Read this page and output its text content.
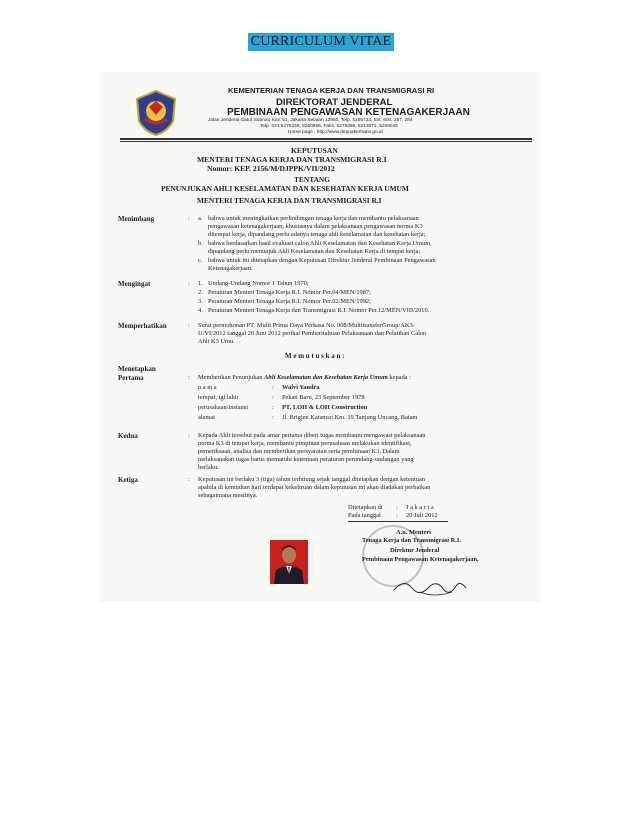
CURRICULUM VITAE
KEMENTERIAN TENAGA KERJA DAN TRANSMIGRASI RI
DIREKTORAT JENDERAL
PEMBINAAN PENGAWASAN KETENAGAKERJAAN
Jalan Jenderal Gatot Subroto Kav. 51, Jakarta Selatan 12950, Telp. 5255733, Ext. 604, 257, 284
Telp. 021 5275240, 5260955, Faks. 5279365, 5213571, 5268045
Home page : http://www.depnakertrans.go.id
KEPUTUSAN
MENTERI TENAGA KERJA DAN TRANSMIGRASI R.I
Nomor: KEP. 2156/M/DJPPK/VII/2012
TENTANG
PENUNJUKAN AHLI KESELAMATAN DAN KESEHATAN KERJA UMUM
MENTERI TENAGA KERJA DAN TRANSMIGRASI R.I
Menimbang	: a. bahwa untuk meningkatkan perlindungan tenaga kerja dan membantu pelaksanaan
pengawasan ketenagakerjaan, khususnya dalam pelaksanaan pengawasan norma K3
ditempat kerja, dipandang perlu adanya tenaga ahli keselamatan dan kesehatan kerja;
b. bahwa berdasarkan hasil evaluasi calon Ahli Keselamatan dan Kesehatan Kerja Umum,
dipandang perlu menunjuk Ahli Keselamatan dan Kesehatan Kerja di tempat kerja;
c. bahwa untuk itu ditetapkan dengan Keputusan Direktur Jenderal Pembinaan Pengawasan
Ketenagakerjaan.
Mengingat	: 1. Undang-Undang Nomor 1 Tahun 1970;
2. Peraturan Menteri Tenaga Kerja R.I. Nomor Per.04/MEN/1987;
3. Peraturan Menteri Tenaga Kerja R.I. Nomor Per.02/MEN/1992;
4. Peraturan Menteri Tenaga Kerja dan Transmigrasi R.I. Nomor Per.12/MEN/VIII/2010.
Memperhatikan	: Surat permohonan PT. Multi Prima Daya Perkasa No. 008/MultitransferGroup/AK3-
U/VI/2012 tanggal 20 Juni 2012 perihal Pemberitahuan Pelaksanaan dan Pelatihan Calon
Ahli K3 Umu.
M e m u t u s k a n :
Menetapkan
Pertama	: Memberikan Penunjukan Ahli Keselamatan dan Kesehatan Kerja Umum kepada :
n a m a	: Walvi Yandra
tempat, tgl lahir	: Pekan Baru, 23 September 1978
perusahaan/instansi	: PT. LOH & LOH Construction
alamat	: Jl. Brigjen Katamso Km. 19 Tanjung Uncang, Batam
Kedua	: Kepada Ahli tersebut pada amar pertama diberi tugas membantu mengawasi pelaksanaan
norma K3 di tempat kerja, membantu pimpinan perusahaan melakukan identifikasi,
pemeriksaan, analisa dan memberikan persyaratan serta pembinaan K3. Dalam
melaksanakan tugas harus mematuhi ketentuan peraturan perundang-undangan yang
berlaku.
Ketiga	: Keputusan ini berlaku 3 (tiga) tahun terhitung sejak tanggal ditetapkan dengan ketentuan
apabila di kemudian hari terdapat kekeliruan dalam keputusan ini akan diadakan perbaikan
sebagaimana mestinya.
Ditetapkan di : J a k a r t a
Pada tanggal : 20 Juli 2012
A.n. Menteri
Tenaga Kerja dan Transmigrasi R.I.
Direktur Jenderal
Pembinaan Pengawasan Ketenagakerjaan,
